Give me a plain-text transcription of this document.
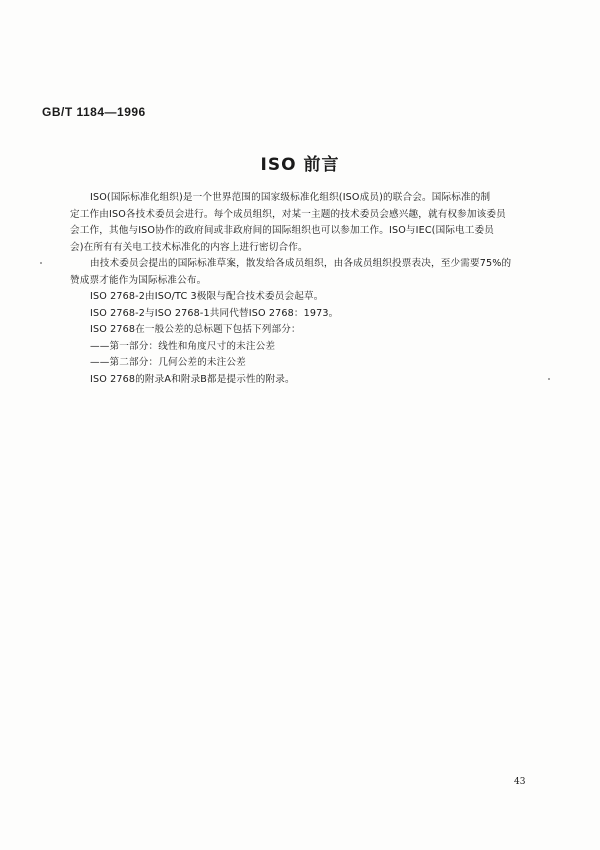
GB/T 1184—1996
ISO 前言

ISO(国际标准化组织)是一个世界范围的国家级标准化组织(ISO成员)的联合会。国际标准的制

定工作由ISO各技术委员会进行。每个成员组织，对某一主题的技术委员会感兴趣，就有权参加该委员

会工作，其他与ISO协作的政府间或非政府间的国际组织也可以参加工作。ISO与IEC(国际电工委员

会)在所有有关电工技术标准化的内容上进行密切合作。

由技术委员会提出的国际标准草案，散发给各成员组织，由各成员组织投票表决，至少需要75%的

赞成票才能作为国际标准公布。

ISO 2768-2由ISO/TC 3极限与配合技术委员会起草。

ISO 2768-2与ISO 2768-1共同代替ISO 2768：1973。

ISO 2768在一般公差的总标题下包括下列部分：

——第一部分：线性和角度尺寸的未注公差

——第二部分：几何公差的未注公差

ISO 2768的附录A和附录B都是提示性的附录。

43
